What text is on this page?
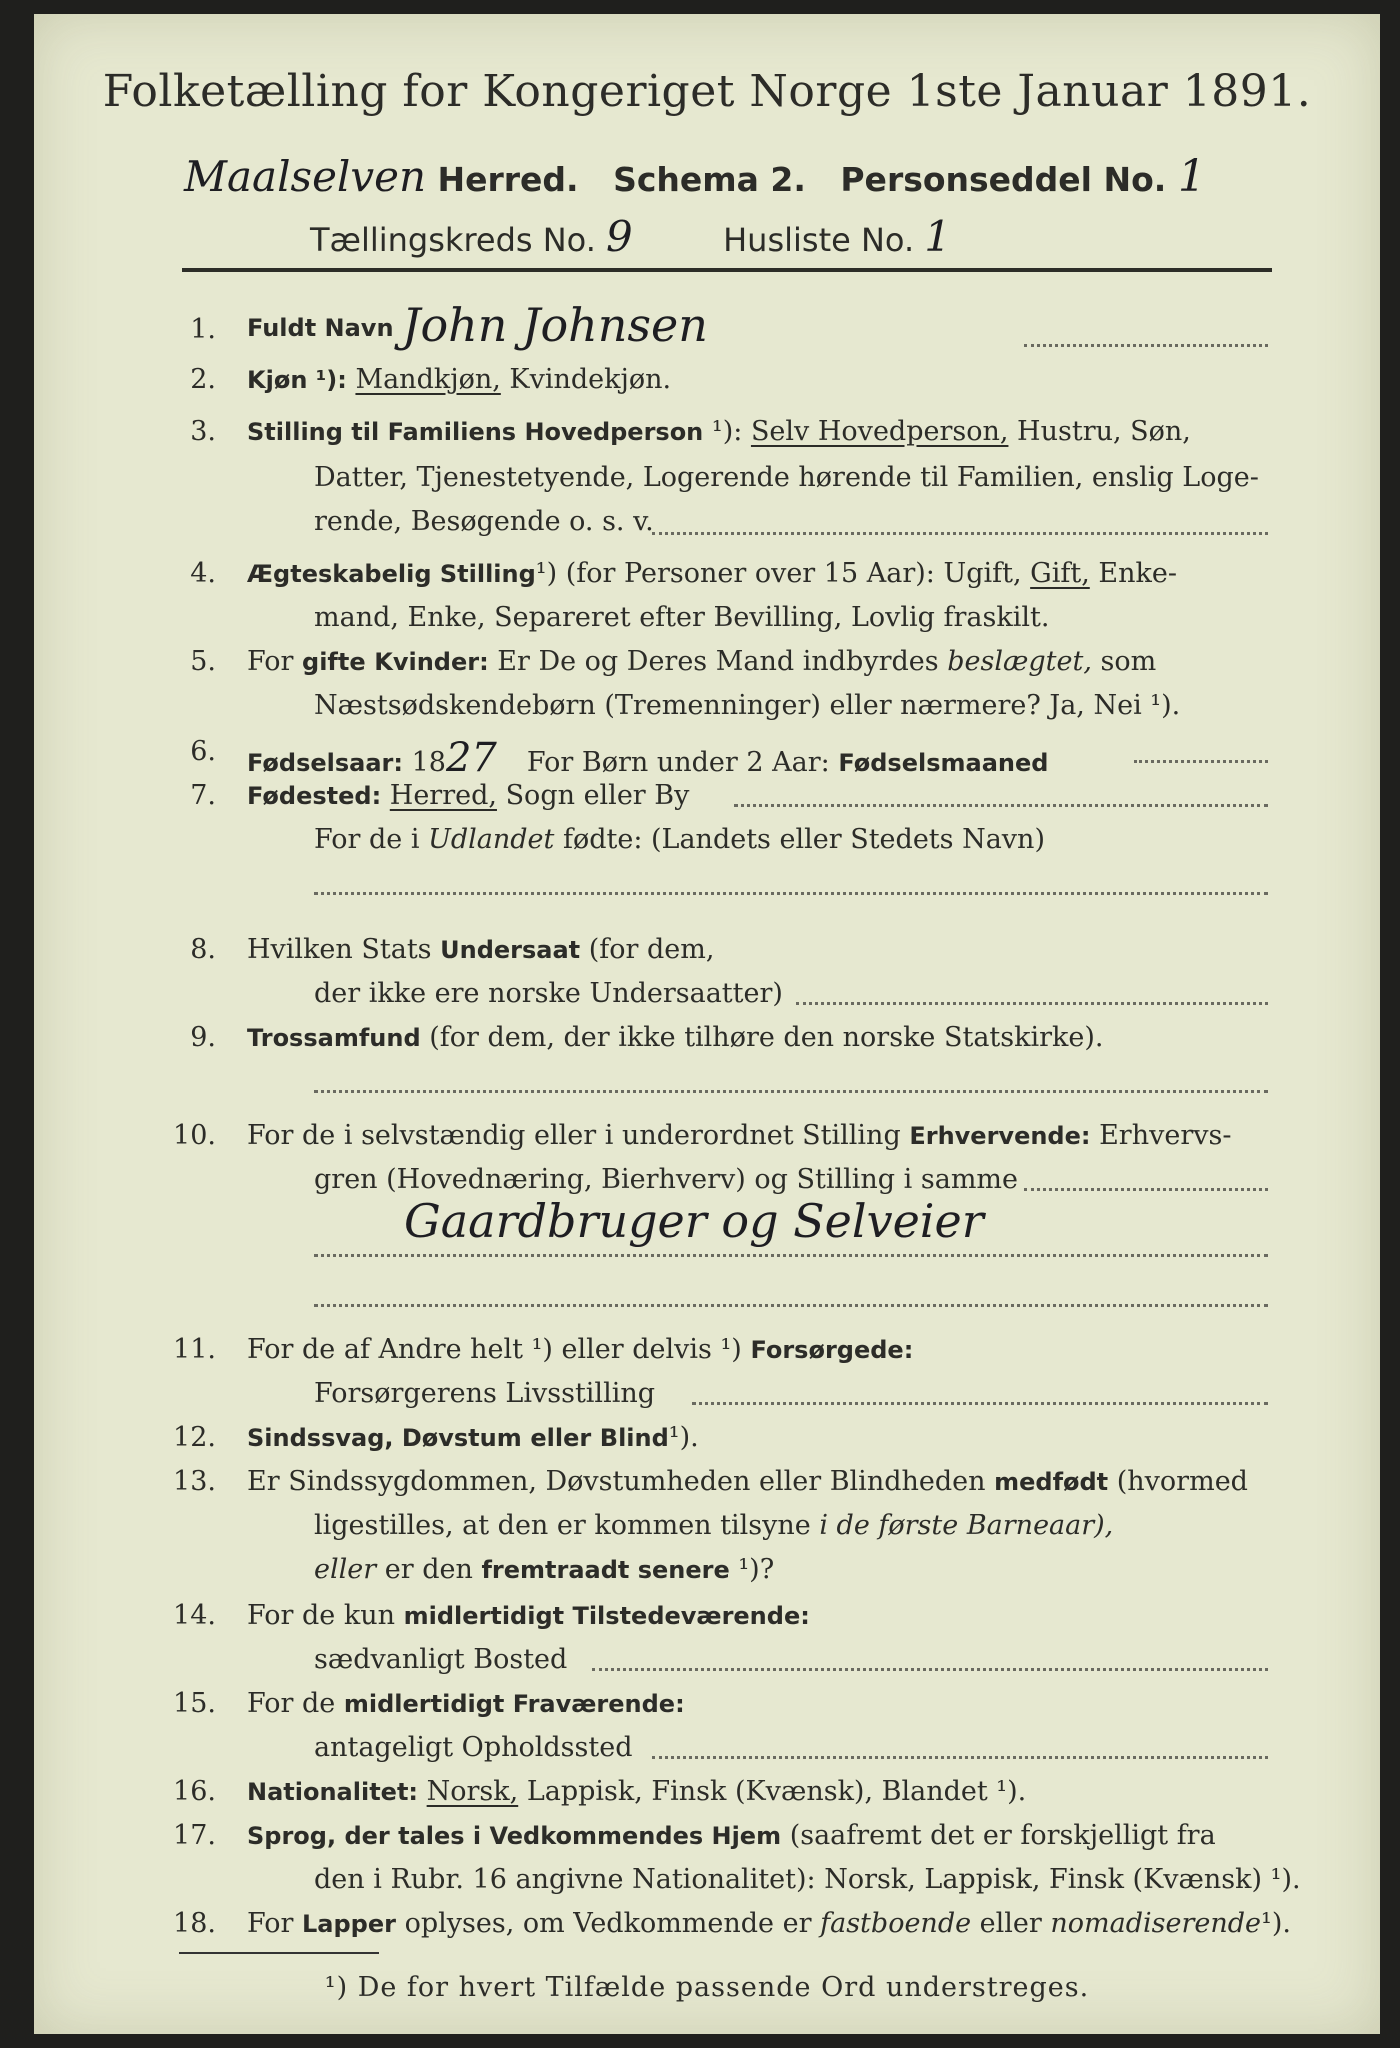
Folketælling for Kongeriget Norge 1ste Januar 1891.
Maalselven Herred. Schema 2. Personseddel No. 1
Tællingskreds No. 9	Husliste No. 1
1. Fuldt Navn John Johnsen
2. Kjøn ¹): Mandkjøn, Kvindekjøn.
3. Stilling til Familiens Hovedperson ¹): Selv Hovedperson, Hustru, Søn,
Datter, Tjenestetyende, Logerende hørende til Familien, enslig Loge-
rende, Besøgende o. s. v.
4. Ægteskabelig Stilling¹) (for Personer over 15 Aar): Ugift, Gift, Enke-
mand, Enke, Separeret efter Bevilling, Lovlig fraskilt.
5. For gifte Kvinder: Er De og Deres Mand indbyrdes beslægtet, som
Næstsødskendebørn (Tremenninger) eller nærmere? Ja, Nei ¹).
6. Fødselsaar: 1827 For Børn under 2 Aar: Fødselsmaaned
7. Fødested: Herred, Sogn eller By
For de i Udlandet fødte: (Landets eller Stedets Navn)
8. Hvilken Stats Undersaat (for dem,
der ikke ere norske Undersaatter)
9. Trossamfund (for dem, der ikke tilhøre den norske Statskirke).
10. For de i selvstændig eller i underordnet Stilling Erhvervende: Erhvervs-
gren (Hovednæring, Bierhverv) og Stilling i samme
Gaardbruger og Selveier
11. For de af Andre helt ¹) eller delvis ¹) Forsørgede:
Forsørgerens Livsstilling
12. Sindssvag, Døvstum eller Blind¹).
13. Er Sindssygdommen, Døvstumheden eller Blindheden medfødt (hvormed
ligestilles, at den er kommen tilsyne i de første Barneaar),
eller er den fremtraadt senere ¹)?
14. For de kun midlertidigt Tilstedeværende:
sædvanligt Bosted
15. For de midlertidigt Fraværende:
antageligt Opholdssted
16. Nationalitet: Norsk, Lappisk, Finsk (Kvænsk), Blandet ¹).
17. Sprog, der tales i Vedkommendes Hjem (saafremt det er forskjelligt fra
den i Rubr. 16 angivne Nationalitet): Norsk, Lappisk, Finsk (Kvænsk) ¹).
18. For Lapper oplyses, om Vedkommende er fastboende eller nomadiserende¹).
¹) De for hvert Tilfælde passende Ord understreges.
